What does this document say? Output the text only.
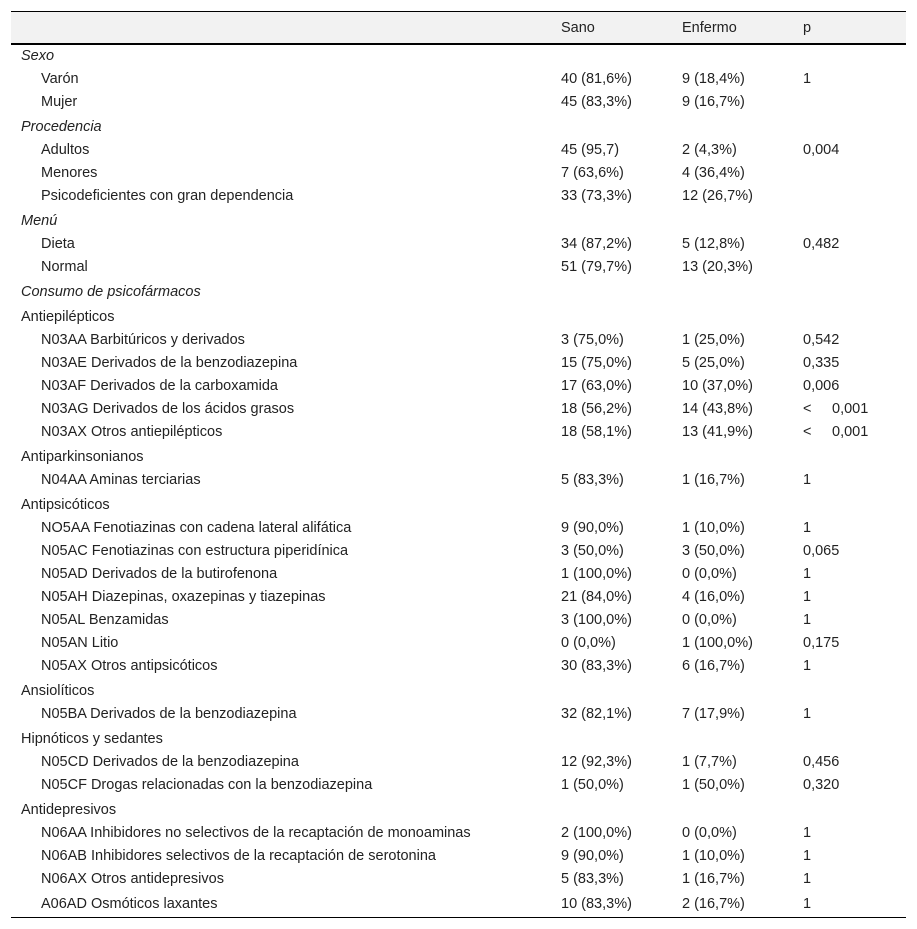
	Sano	Enfermo	p
Sexo			
Varón	40 (81,6%)	9 (18,4%)	1
Mujer	45 (83,3%)	9 (16,7%)	
Procedencia			
Adultos	45 (95,7)	2 (4,3%)	0,004
Menores	7 (63,6%)	4 (36,4%)	
Psicodeficientes con gran dependencia	33 (73,3%)	12 (26,7%)	
Menú			
Dieta	34 (87,2%)	5 (12,8%)	0,482
Normal	51 (79,7%)	13 (20,3%)	
Consumo de psicofármacos			
Antiepilépticos			
N03AA Barbitúricos y derivados	3 (75,0%)	1 (25,0%)	0,542
N03AE Derivados de la benzodiazepina	15 (75,0%)	5 (25,0%)	0,335
N03AF Derivados de la carboxamida	17 (63,0%)	10 (37,0%)	0,006
N03AG Derivados de los ácidos grasos	18 (56,2%)	14 (43,8%)	< 0,001
N03AX Otros antiepilépticos	18 (58,1%)	13 (41,9%)	< 0,001
Antiparkinsonianos			
N04AA Aminas terciarias	5 (83,3%)	1 (16,7%)	1
Antipsicóticos			
NO5AA Fenotiazinas con cadena lateral alifática	9 (90,0%)	1 (10,0%)	1
N05AC Fenotiazinas con estructura piperidínica	3 (50,0%)	3 (50,0%)	0,065
N05AD Derivados de la butirofenona	1 (100,0%)	0 (0,0%)	1
N05AH Diazepinas, oxazepinas y tiazepinas	21 (84,0%)	4 (16,0%)	1
N05AL Benzamidas	3 (100,0%)	0 (0,0%)	1
N05AN Litio	0 (0,0%)	1 (100,0%)	0,175
N05AX Otros antipsicóticos	30 (83,3%)	6 (16,7%)	1
Ansiolíticos			
N05BA Derivados de la benzodiazepina	32 (82,1%)	7 (17,9%)	1
Hipnóticos y sedantes			
N05CD Derivados de la benzodiazepina	12 (92,3%)	1 (7,7%)	0,456
N05CF Drogas relacionadas con la benzodiazepina	1 (50,0%)	1 (50,0%)	0,320
Antidepresivos			
N06AA Inhibidores no selectivos de la recaptación de monoaminas	2 (100,0%)	0 (0,0%)	1
N06AB Inhibidores selectivos de la recaptación de serotonina	9 (90,0%)	1 (10,0%)	1
N06AX Otros antidepresivos	5 (83,3%)	1 (16,7%)	1
A06AD Osmóticos laxantes	10 (83,3%)	2 (16,7%)	1
